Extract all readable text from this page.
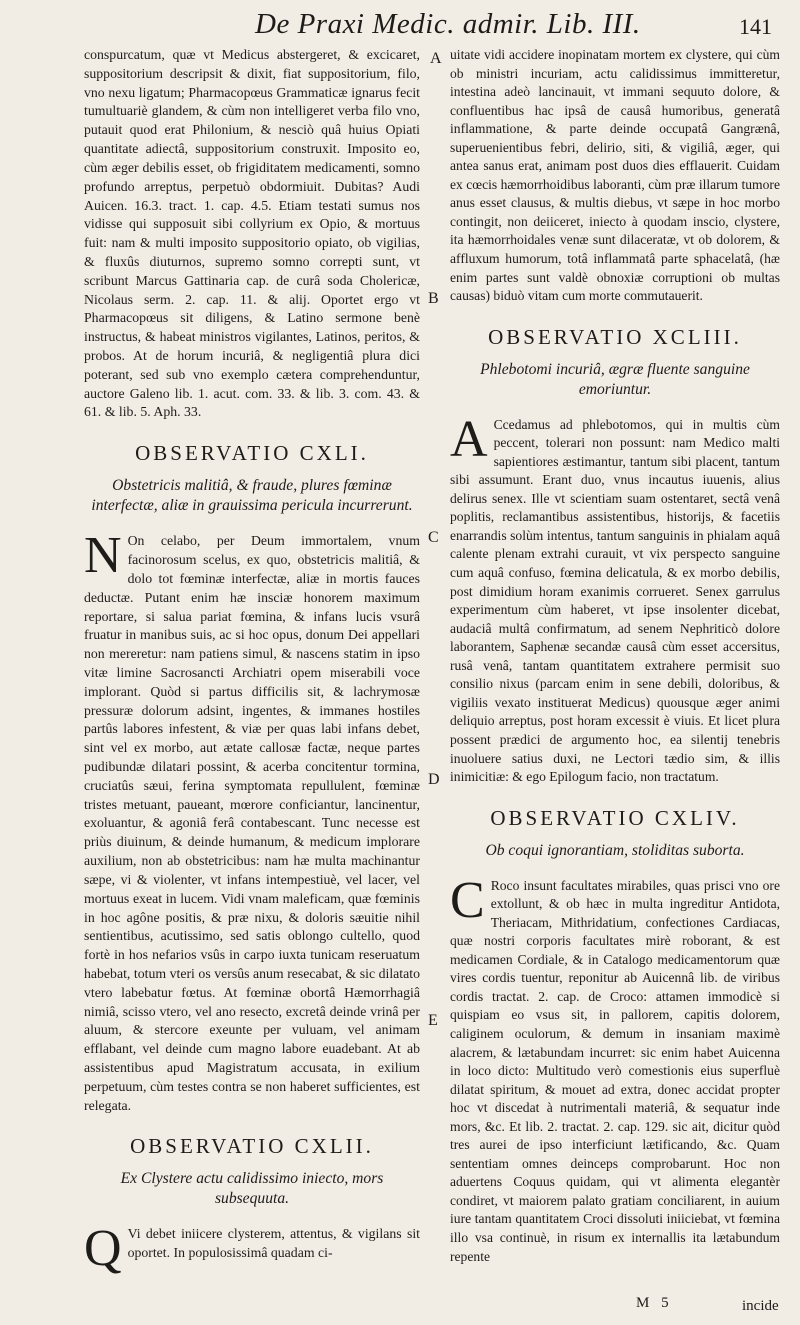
De Praxi Medic. admir. Lib. III.	141
A
B
C
D
E

conspurcatum, quæ vt Medicus abstergeret, & excicaret, suppositorium descripsit & dixit, fiat suppositorium, filo, vno nexu ligatum; Pharmacopœus Grammaticæ ignarus fecit tumultuariè glandem, & cùm non intelligeret verba filo vno, putauit quod erat Philonium, & nesciò quâ huius Opiati quantitate adiectâ, suppositorium construxit. Imposito eo, cùm æger debilis esset, ob frigiditatem medicamenti, somno profundo arreptus, perpetuò obdormiuit. Dubitas? Audi Auicen. 16.3. tract. 1. cap. 4.5. Etiam testati sumus nos vidisse qui supposuit sibi collyrium ex Opio, & mortuus fuit: nam & multi imposito suppositorio opiato, ob vigilias, & fluxûs diuturnos, supremo somno correpti sunt, vt scribunt Marcus Gattinaria cap. de curâ soda Cholericæ, Nicolaus serm. 2. cap. 11. & alij. Oportet ergo vt Pharmacopœus sit diligens, & Latino sermone benè instructus, & habeat ministros vigilantes, Latinos, peritos, & probos. At de horum incuriâ, & negligentiâ plura dici poterant, sed sub vno exemplo cætera comprehenduntur, auctore Galeno lib. 1. acut. com. 33. & lib. 3. com. 43. & 61. & lib. 5. Aph. 33.

OBSERVATIO CXLI.

Obstetricis malitiâ, & fraude, plures fœminæ interfectæ, aliæ in grauissima pericula incurrerunt.

N On celabo, per Deum immortalem, vnum facinorosum scelus, ex quo, obstetricis malitiâ, & dolo tot fœminæ interfectæ, aliæ in mortis fauces deductæ. Putant enim hæ insciæ honorem maximum reportare, si salua pariat fœmina, & infans lucis vsurâ fruatur in manibus suis, ac si hoc opus, donum Dei appellari non mereretur: nam patiens simul, & nascens statim in ipso vitæ limine Sacrosancti Archiatri opem miserabili voce implorant. Quòd si partus difficilis sit, & lachrymosæ pressuræ dolorum adsint, ingentes, & immanes hostiles partûs labores infestent, & viæ per quas labi infans debet, sint vel ex morbo, aut ætate callosæ factæ, neque partes pudibundæ dilatari possint, & acerba concitentur tormina, cruciatûs sæui, ferina symptomata repullulent, fœminæ tristes metuant, paueant, mœrore conficiantur, lancinentur, exoluantur, & agoniâ ferâ contabescant. Tunc necesse est priùs diuinum, & deinde humanum, & medicum implorare auxilium, non ab obstetricibus: nam hæ multa machinantur sæpe, vi & violenter, vt infans intempestiuè, vel lacer, vel mortuus exeat in lucem. Vidi vnam maleficam, quæ fœminis in hoc agône positis, & præ nixu, & doloris sæuitie nihil sentientibus, acutissimo, sed satis oblongo cultello, quod fortè in hos nefarios vsûs in carpo iuxta tunicam reseruatum habebat, totum vteri os versûs anum resecabat, & sic dilatato vtero labebatur fœtus. At fœminæ obortâ Hæmorrhagiâ nimiâ, scisso vtero, vel ano resecto, excretâ deinde vrinâ per aluum, & stercore exeunte per vuluam, vel animam efflabant, vel deinde cum magno labore euadebant. At ab assistentibus apud Magistratum accusata, in exilium perpetuum, cùm testes contra se non haberet sufficientes, est relegata.

OBSERVATIO CXLII.

Ex Clystere actu calidissimo iniecto, mors subsequuta.

Q Vi debet iniicere clysterem, attentus, & vigilans sit oportet. In populosissimâ quadam ci-

uitate vidi accidere inopinatam mortem ex clystere, qui cùm ob ministri incuriam, actu calidissimus immitteretur, intestina adeò lancinauit, vt immani sequuto dolore, & confluentibus hac ipsâ de causâ humoribus, generatâ inflammatione, & parte deinde occupatâ Gangrænâ, superuenientibus febri, delirio, siti, & vigiliâ, æger, qui antea sanus erat, animam post duos dies efflauerit. Cuidam ex cœcis hæmorrhoidibus laboranti, cùm præ illarum tumore anus esset clausus, & multis diebus, vt sæpe in hoc morbo contingit, non deiiceret, iniecto à quodam inscio, clystere, ita hæmorrhoidales venæ sunt dilaceratæ, vt ob dolorem, & affluxum humorum, totâ inflammatâ parte sphacelatâ, (hæ enim partes sunt valdè obnoxiæ corruptioni ob multas causas) biduò vitam cum morte commutauerit.

OBSERVATIO XCLIII.

Phlebotomi incuriâ, ægræ fluente sanguine emoriuntur.

A Ccedamus ad phlebotomos, qui in multis cùm peccent, tolerari non possunt: nam Medico malti sapientiores æstimantur, tantum sibi placent, tantum sibi assumunt. Erant duo, vnus incautus iuuenis, alius delirus senex. Ille vt scientiam suam ostentaret, sectâ venâ poplitis, reclamantibus assistentibus, historijs, & facetiis enarrandis solùm intentus, tantum sanguinis in phialam aquâ calente plenam extrahi curauit, vt vix perspecto sanguine cum aquâ confuso, fœmina delicatula, & ex morbo debilis, post dimidium horam exanimis corrueret. Senex garrulus experimentum cùm haberet, vt ipse insolenter dicebat, audaciâ multâ confirmatum, ad senem Nephriticò dolore laborantem, Saphenæ secandæ causâ cùm esset accersitus, rusâ venâ, tantam quantitatem extrahere permisit suo consilio nixus (parcam enim in sene debili, doloribus, & vigiliis vexato instituerat Medicus) quousque æger animi deliquio arreptus, post horam excessit è viuis. Et licet plura possent prædici de argumento hoc, ea silentij tenebris inuoluere satius duxi, ne Lectori tædio sim, & illis inimicitiæ: & ego Epilogum facio, non tractatum.

OBSERVATIO CXLIV.

Ob coqui ignorantiam, stoliditas suborta.

C Roco insunt facultates mirabiles, quas prisci vno ore extollunt, & ob hæc in multa ingreditur Antidota, Theriacam, Mithridatium, confectiones Cardiacas, quæ nostri corporis facultates mirè roborant, & est medicamen Cordiale, & in Catalogo medicamentorum quæ vires cordis tuentur, reponitur ab Auicennâ lib. de viribus cordis tractat. 2. cap. de Croco: attamen immodicè si quispiam eo vsus sit, in pallorem, capitis dolorem, caliginem oculorum, & demum in insaniam maximè alacrem, & lætabundam incurret: sic enim habet Auicenna in loco dicto: Multitudo verò comestionis eius superfluè dilatat spiritum, & mouet ad extra, donec accidat propter hoc vt discedat à nutrimentali materiâ, & sequatur inde mors, &c. Et lib. 2. tractat. 2. cap. 129. sic ait, dicitur quòd tres aurei de ipso interficiunt lætificando, &c. Quam sententiam omnes deinceps comprobarunt. Hoc non aduertens Coquus quidam, qui vt alimenta elegantèr condiret, vt maiorem palato gratiam conciliarent, in auium iure tantam quantitatem Croci dissoluti iniiciebat, vt fœmina illo vsa continuè, in risum ex internallis ita lætabundum repente

M 5	incide
